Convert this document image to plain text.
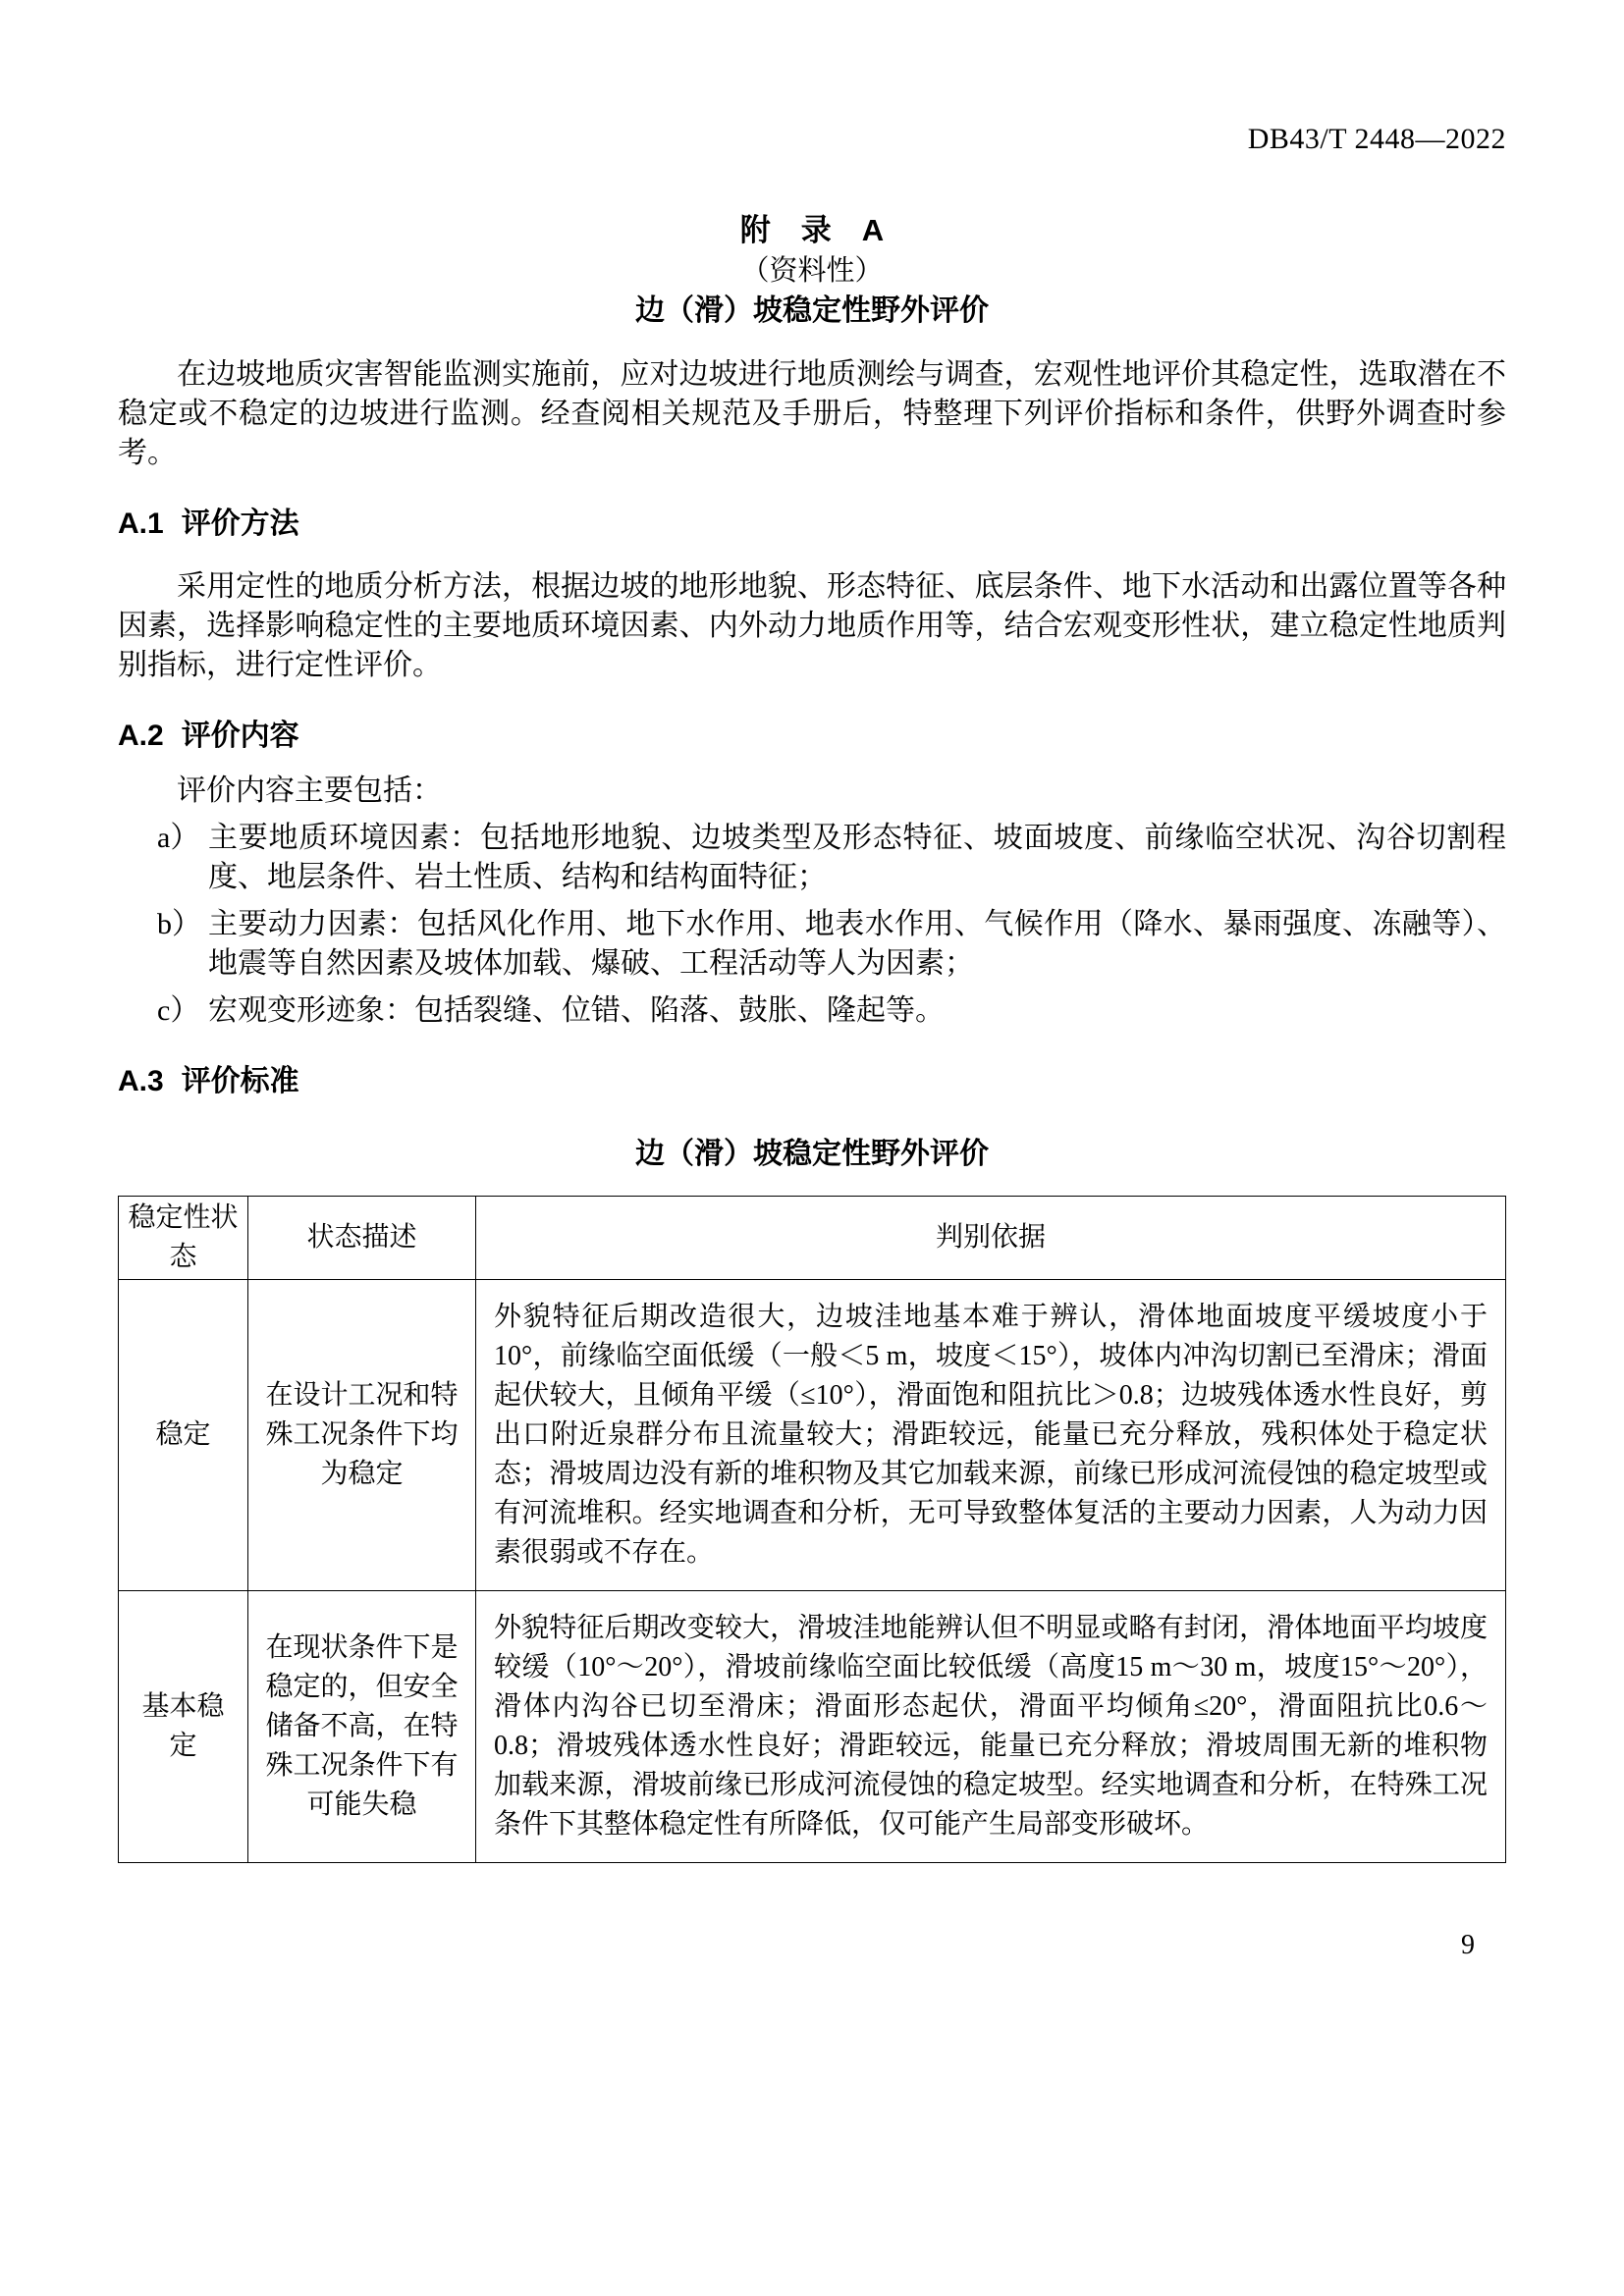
DB43/T 2448—2022
附　录　A
（资料性）
边（滑）坡稳定性野外评价

在边坡地质灾害智能监测实施前，应对边坡进行地质测绘与调查，宏观性地评价其稳定性，选取潜在不稳定或不稳定的边坡进行监测。经查阅相关规范及手册后，特整理下列评价指标和条件，供野外调查时参考。

A.1 评价方法

采用定性的地质分析方法，根据边坡的地形地貌、形态特征、底层条件、地下水活动和出露位置等各种因素，选择影响稳定性的主要地质环境因素、内外动力地质作用等，结合宏观变形性状，建立稳定性地质判别指标，进行定性评价。

A.2 评价内容
评价内容主要包括：
a） 主要地质环境因素：包括地形地貌、边坡类型及形态特征、坡面坡度、前缘临空状况、沟谷切割程度、地层条件、岩土性质、结构和结构面特征；
b） 主要动力因素：包括风化作用、地下水作用、地表水作用、气候作用（降水、暴雨强度、冻融等）、地震等自然因素及坡体加载、爆破、工程活动等人为因素；
c） 宏观变形迹象：包括裂缝、位错、陷落、鼓胀、隆起等。
A.3 评价标准
边（滑）坡稳定性野外评价
稳定性状态	状态描述	判别依据
稳定	在设计工况和特殊工况条件下均为稳定	外貌特征后期改造很大，边坡洼地基本难于辨认，滑体地面坡度平缓坡度小于10°，前缘临空面低缓（一般＜5 m，坡度＜15°），坡体内冲沟切割已至滑床；滑面起伏较大，且倾角平缓（≤10°），滑面饱和阻抗比＞0.8；边坡残体透水性良好，剪出口附近泉群分布且流量较大；滑距较远，能量已充分释放，残积体处于稳定状态；滑坡周边没有新的堆积物及其它加载来源，前缘已形成河流侵蚀的稳定坡型或有河流堆积。经实地调查和分析，无可导致整体复活的主要动力因素，人为动力因素很弱或不存在。
基本稳定	在现状条件下是稳定的，但安全储备不高，在特殊工况条件下有可能失稳	外貌特征后期改变较大，滑坡洼地能辨认但不明显或略有封闭，滑体地面平均坡度较缓（10°～20°），滑坡前缘临空面比较低缓（高度15 m～30 m，坡度15°～20°），滑体内沟谷已切至滑床；滑面形态起伏，滑面平均倾角≤20°，滑面阻抗比0.6～0.8；滑坡残体透水性良好；滑距较远，能量已充分释放；滑坡周围无新的堆积物加载来源，滑坡前缘已形成河流侵蚀的稳定坡型。经实地调查和分析，在特殊工况条件下其整体稳定性有所降低，仅可能产生局部变形破坏。
9
